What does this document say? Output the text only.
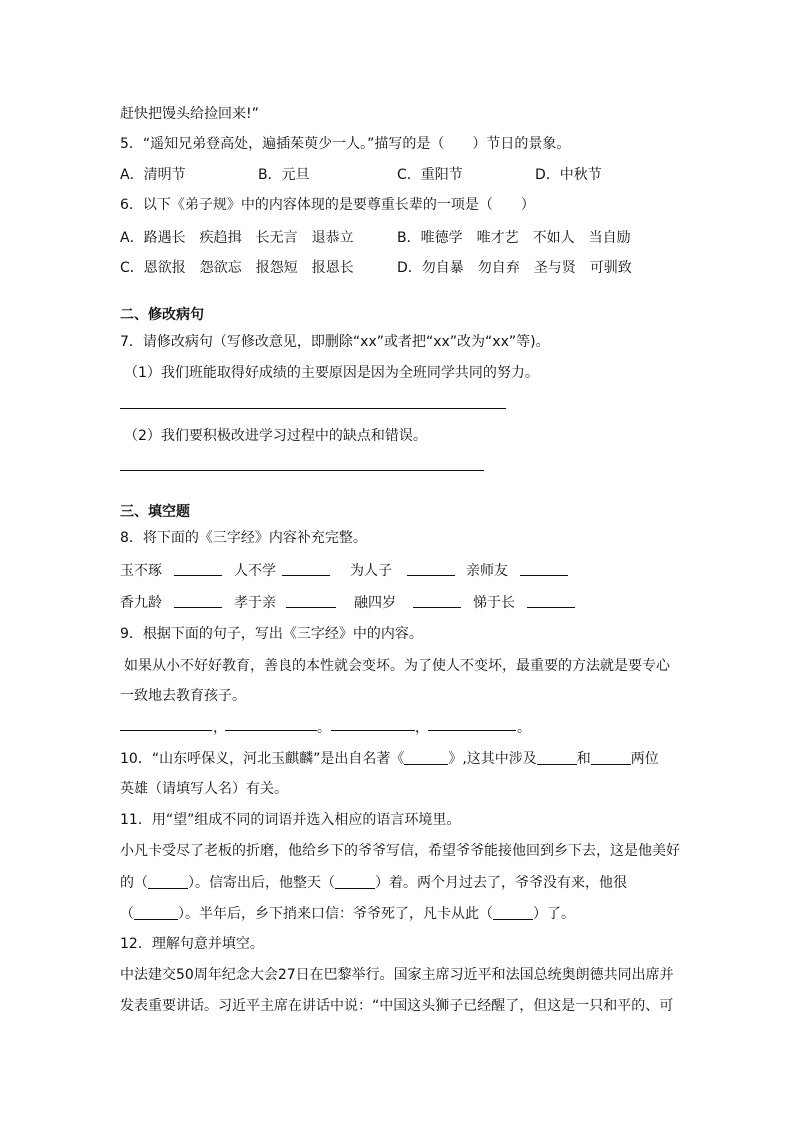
赶快把馒头给捡回来!”
5．“遥知兄弟登高处，遍插茱萸少一人。”描写的是（　　）节日的景象。
A．清明节	B．元旦	C．重阳节	D．中秋节
6．以下《弟子规》中的内容体现的是要尊重长辈的一项是（　　）
A．路遇长　疾趋揖　长无言　退恭立	B．唯德学　唯才艺　不如人　当自励
C．恩欲报　怨欲忘　报怨短　报恩长	D．勿自暴　勿自弃　圣与贤　可驯致
二、修改病句
7．请修改病句（写修改意见，即删除“xx”或者把“xx”改为“xx”等)。
（1）我们班能取得好成绩的主要原因是因为全班同学共同的努力。
（2）我们要积极改进学习过程中的缺点和错误。
三、填空题
8．将下面的《三字经》内容补充完整。
玉不琢	人不学	为人子	亲师友
香九龄	孝于亲	融四岁	悌于长
9．根据下面的句子，写出《三字经》中的内容。
如果从小不好好教育，善良的本性就会变坏。为了使人不变坏，最重要的方法就是要专心
一致地去教育孩子。
，	。	，	。
10．“山东呼保义，河北玉麒麟”是出自名著《	》,这其中涉及	和	两位
英雄（请填写人名）有关。
11．用“望”组成不同的词语并选入相应的语言环境里。
小凡卡受尽了老板的折磨，他给乡下的爷爷写信，希望爷爷能接他回到乡下去，这是他美好
的（	）。信寄出后，他整天（	）着。两个月过去了，爷爷没有来，他很
（	）。半年后，乡下捎来口信：爷爷死了，凡卡从此（	）了。
12．理解句意并填空。
中法建交50周年纪念大会27日在巴黎举行。国家主席习近平和法国总统奥朗德共同出席并
发表重要讲话。习近平主席在讲话中说：“中国这头狮子已经醒了，但这是一只和平的、可
